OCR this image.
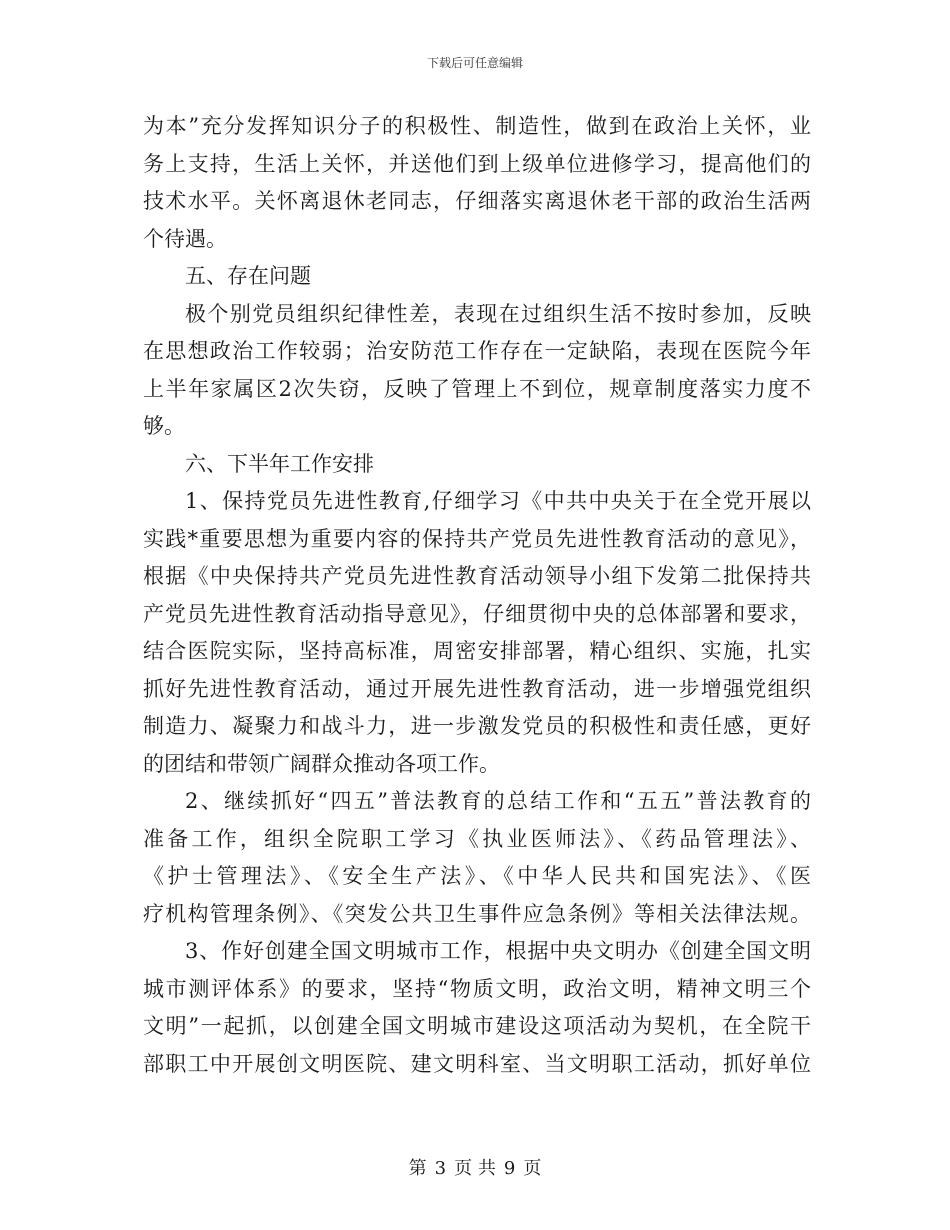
下载后可任意编辑
为本”充分发挥知识分子的积极性、制造性，做到在政治上关怀，业
务上支持，生活上关怀，并送他们到上级单位进修学习，提高他们的
技术水平。关怀离退休老同志，仔细落实离退休老干部的政治生活两
个待遇。
五、存在问题
极个别党员组织纪律性差，表现在过组织生活不按时参加，反映
在思想政治工作较弱；治安防范工作存在一定缺陷，表现在医院今年
上半年家属区2次失窃，反映了管理上不到位，规章制度落实力度不
够。
六、下半年工作安排
1、保持党员先进性教育,仔细学习《中共中央关于在全党开展以
实践*重要思想为重要内容的保持共产党员先进性教育活动的意见》，
根据《中央保持共产党员先进性教育活动领导小组下发第二批保持共
产党员先进性教育活动指导意见》，仔细贯彻中央的总体部署和要求，
结合医院实际，坚持高标准，周密安排部署，精心组织、实施，扎实
抓好先进性教育活动，通过开展先进性教育活动，进一步增强党组织
制造力、凝聚力和战斗力，进一步激发党员的积极性和责任感，更好
的团结和带领广阔群众推动各项工作。
2、继续抓好“四五”普法教育的总结工作和“五五”普法教育的
准备工作，组织全院职工学习《执业医师法》、《药品管理法》、
《护士管理法》、《安全生产法》、《中华人民共和国宪法》、《医
疗机构管理条例》、《突发公共卫生事件应急条例》等相关法律法规。
3、作好创建全国文明城市工作，根据中央文明办《创建全国文明
城市测评体系》的要求，坚持“物质文明，政治文明，精神文明三个
文明”一起抓，以创建全国文明城市建设这项活动为契机，在全院干
部职工中开展创文明医院、建文明科室、当文明职工活动，抓好单位
第 3 页 共 9 页
